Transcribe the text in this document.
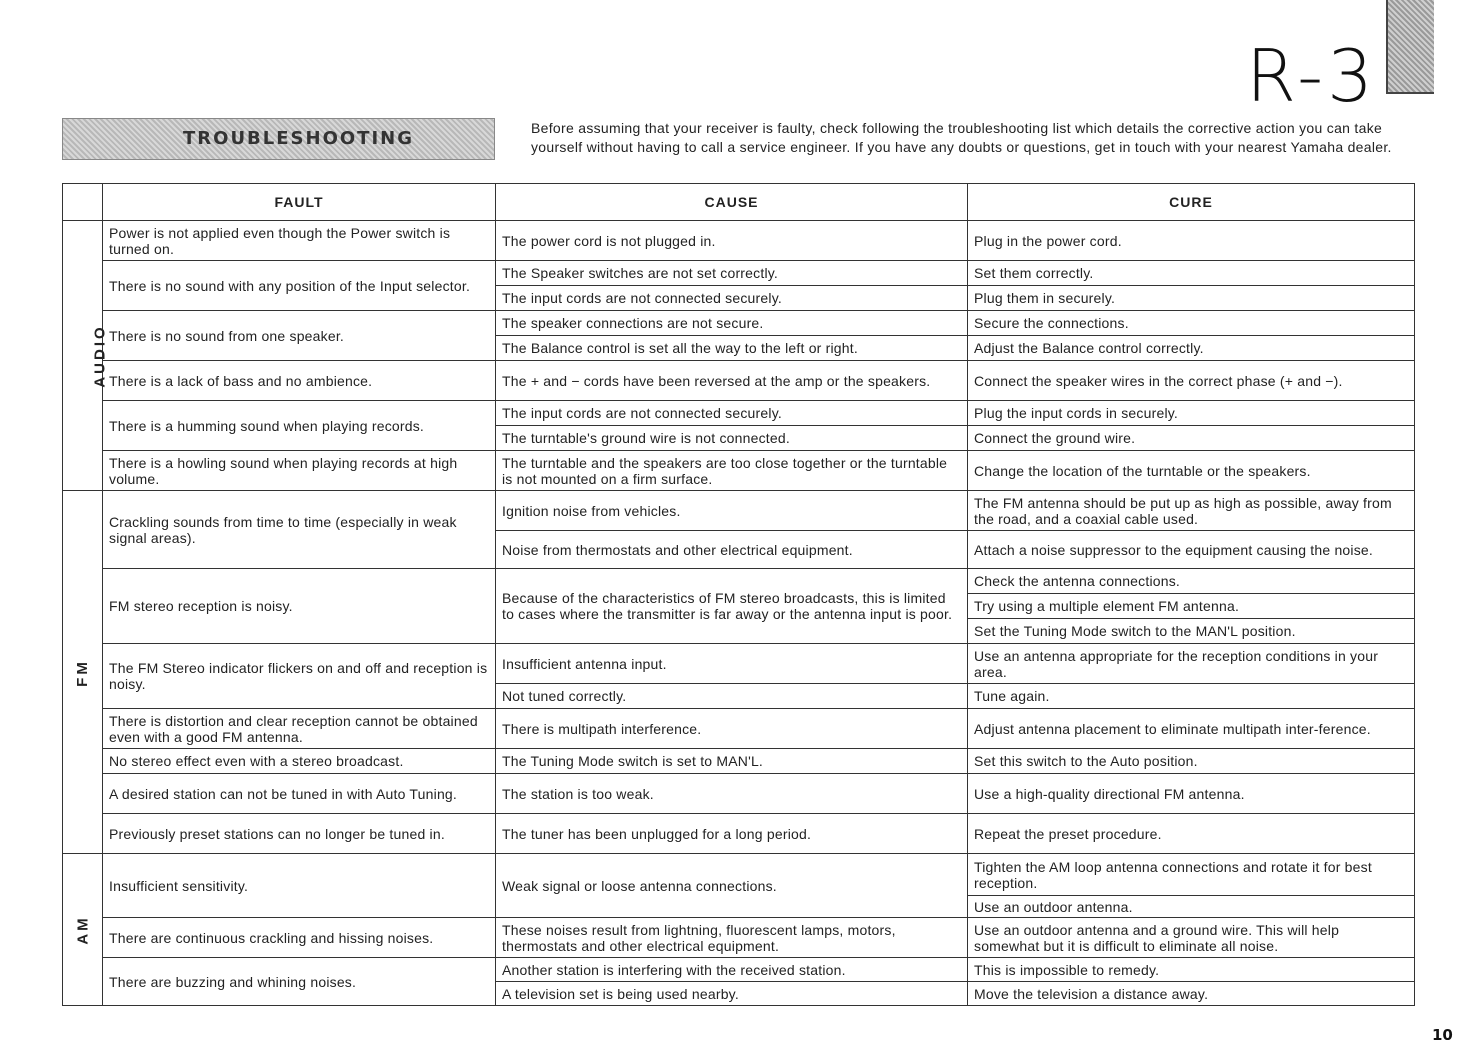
R-3
TROUBLESHOOTING	Before assuming that your receiver is faulty, check following the troubleshooting list which details the corrective action you can take yourself without having to call a service engineer. If you have any doubts or questions, get in touch with your nearest Yamaha dealer.
	FAULT	CAUSE	CURE
AUDIO	Power is not applied even though the Power switch is turned on.	The power cord is not plugged in.	Plug in the power cord.
	There is no sound with any position of the Input selector.	The Speaker switches are not set correctly.	Set them correctly.
		The input cords are not connected securely.	Plug them in securely.
	There is no sound from one speaker.	The speaker connections are not secure.	Secure the connections.
		The Balance control is set all the way to the left or right.	Adjust the Balance control correctly.
	There is a lack of bass and no ambience.	The + and − cords have been reversed at the amp or the speakers.	Connect the speaker wires in the correct phase (+ and −).
	There is a humming sound when playing records.	The input cords are not connected securely.	Plug the input cords in securely.
		The turntable's ground wire is not connected.	Connect the ground wire.
	There is a howling sound when playing records at high volume.	The turntable and the speakers are too close together or the turntable is not mounted on a firm surface.	Change the location of the turntable or the speakers.
FM	Crackling sounds from time to time (especially in weak signal areas).	Ignition noise from vehicles.	The FM antenna should be put up as high as possible, away from the road, and a coaxial cable used.
		Noise from thermostats and other electrical equipment.	Attach a noise suppressor to the equipment causing the noise.
	FM stereo reception is noisy.	Because of the characteristics of FM stereo broadcasts, this is limited to cases where the transmitter is far away or the antenna input is poor.	Check the antenna connections.
			Try using a multiple element FM antenna.
			Set the Tuning Mode switch to the MAN'L position.
	The FM Stereo indicator flickers on and off and reception is noisy.	Insufficient antenna input.	Use an antenna appropriate for the reception conditions in your area.
		Not tuned correctly.	Tune again.
	There is distortion and clear reception cannot be obtained even with a good FM antenna.	There is multipath interference.	Adjust antenna placement to eliminate multipath inter-ference.
	No stereo effect even with a stereo broadcast.	The Tuning Mode switch is set to MAN'L.	Set this switch to the Auto position.
	A desired station can not be tuned in with Auto Tuning.	The station is too weak.	Use a high-quality directional FM antenna.
	Previously preset stations can no longer be tuned in.	The tuner has been unplugged for a long period.	Repeat the preset procedure.
AM	Insufficient sensitivity.	Weak signal or loose antenna connections.	Tighten the AM loop antenna connections and rotate it for best reception.
			Use an outdoor antenna.
	There are continuous crackling and hissing noises.	These noises result from lightning, fluorescent lamps, motors, thermostats and other electrical equipment.	Use an outdoor antenna and a ground wire. This will help somewhat but it is difficult to eliminate all noise.
	There are buzzing and whining noises.	Another station is interfering with the received station.	This is impossible to remedy.
		A television set is being used nearby.	Move the television a distance away.
10
